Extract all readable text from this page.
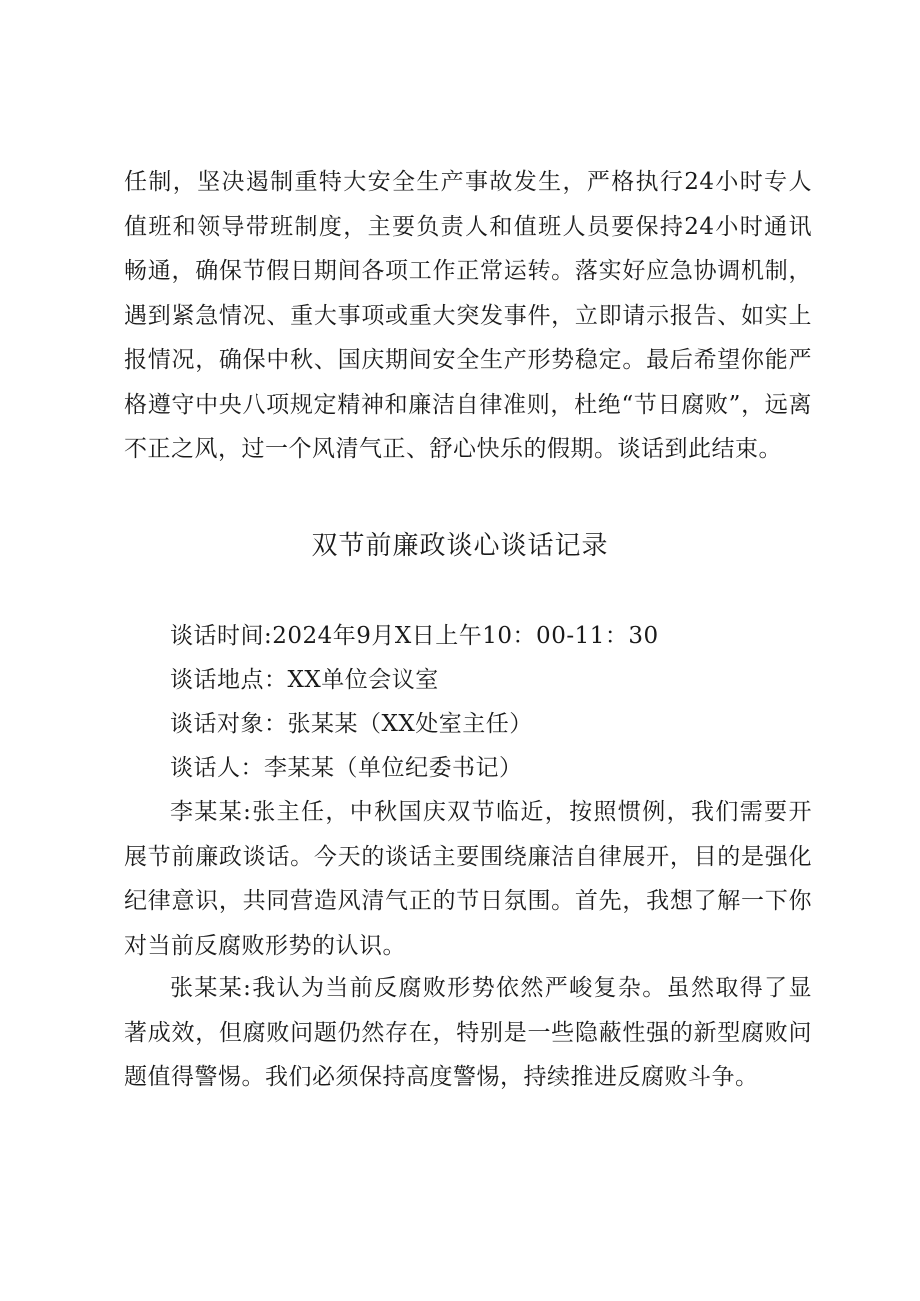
任制，坚决遏制重特大安全生产事故发生，严格执行24小时专人值班和领导带班制度，主要负责人和值班人员要保持24小时通讯畅通，确保节假日期间各项工作正常运转。落实好应急协调机制，遇到紧急情况、重大事项或重大突发事件，立即请示报告、如实上报情况，确保中秋、国庆期间安全生产形势稳定。最后希望你能严格遵守中央八项规定精神和廉洁自律准则，杜绝“节日腐败”，远离不正之风，过一个风清气正、舒心快乐的假期。谈话到此结束。

双节前廉政谈心谈话记录

谈话时间:2024年9月X日上午10：00-11：30

谈话地点：XX单位会议室

谈话对象：张某某（XX处室主任）

谈话人：李某某（单位纪委书记）

李某某:张主任，中秋国庆双节临近，按照惯例，我们需要开展节前廉政谈话。今天的谈话主要围绕廉洁自律展开，目的是强化纪律意识，共同营造风清气正的节日氛围。首先，我想了解一下你对当前反腐败形势的认识。

张某某:我认为当前反腐败形势依然严峻复杂。虽然取得了显著成效，但腐败问题仍然存在，特别是一些隐蔽性强的新型腐败问题值得警惕。我们必须保持高度警惕，持续推进反腐败斗争。
